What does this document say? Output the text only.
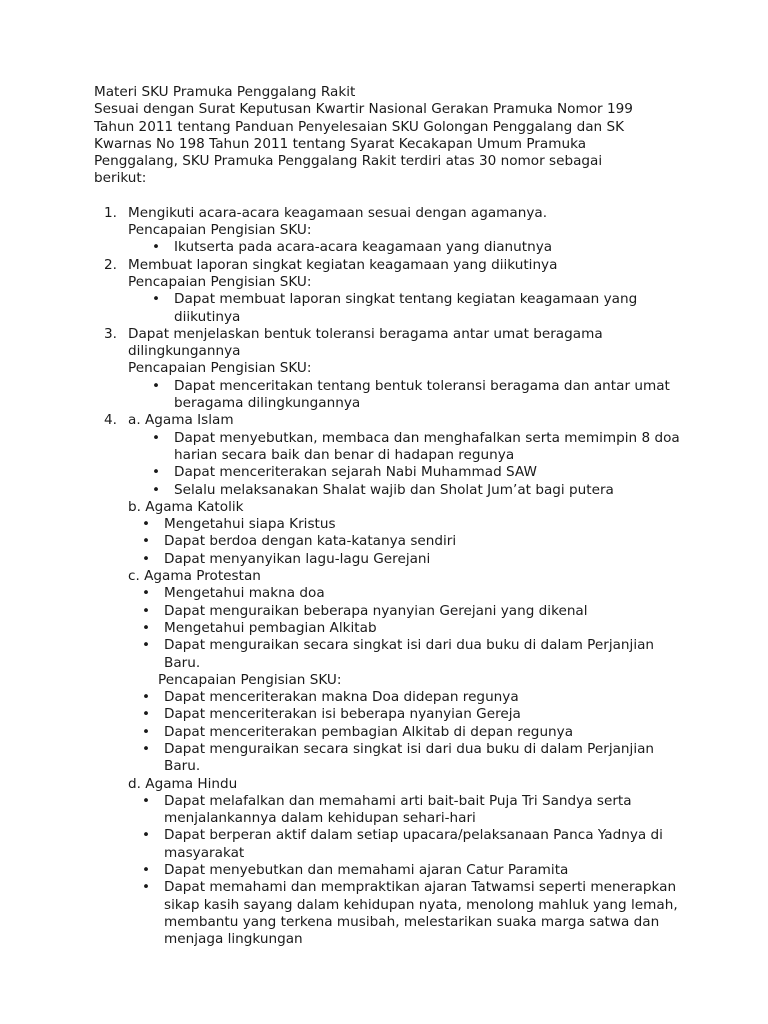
Materi SKU Pramuka Penggalang Rakit

Sesuai dengan Surat Keputusan Kwartir Nasional Gerakan Pramuka Nomor 199
Tahun 2011 tentang Panduan Penyelesaian SKU Golongan Penggalang dan SK
Kwarnas No 198 Tahun 2011 tentang Syarat Kecakapan Umum Pramuka
Penggalang, SKU Pramuka Penggalang Rakit terdiri atas 30 nomor sebagai
berikut:

1. Mengikuti acara-acara keagamaan sesuai dengan agamanya.

Pencapaian Pengisian SKU:

• Ikutserta pada acara-acara keagamaan yang dianutnya
2. Membuat laporan singkat kegiatan keagamaan yang diikutinya

Pencapaian Pengisian SKU:

• Dapat membuat laporan singkat tentang kegiatan keagamaan yang diikutinya
3. Dapat menjelaskan bentuk toleransi beragama antar umat beragama dilingkungannya

Pencapaian Pengisian SKU:

• Dapat menceritakan tentang bentuk toleransi beragama dan antar umat beragama dilingkungannya
4. a. Agama Islam

• Dapat menyebutkan, membaca dan menghafalkan serta memimpin 8 doa harian secara baik dan benar di hadapan regunya
• Dapat menceriterakan sejarah Nabi Muhammad SAW
• Selalu melaksanakan Shalat wajib dan Sholat Jum’at bagi putera

b. Agama Katolik

• Mengetahui siapa Kristus
• Dapat berdoa dengan kata-katanya sendiri
• Dapat menyanyikan lagu-lagu Gerejani

c. Agama Protestan

• Mengetahui makna doa
• Dapat menguraikan beberapa nyanyian Gerejani yang dikenal
• Mengetahui pembagian Alkitab
• Dapat menguraikan secara singkat isi dari dua buku di dalam Perjanjian Baru.

Pencapaian Pengisian SKU:

• Dapat menceriterakan makna Doa didepan regunya
• Dapat menceriterakan isi beberapa nyanyian Gereja
• Dapat menceriterakan pembagian Alkitab di depan regunya
• Dapat menguraikan secara singkat isi dari dua buku di dalam Perjanjian Baru.

d. Agama Hindu

• Dapat melafalkan dan memahami arti bait-bait Puja Tri Sandya serta menjalankannya dalam kehidupan sehari-hari
• Dapat berperan aktif dalam setiap upacara/pelaksanaan Panca Yadnya di masyarakat
• Dapat menyebutkan dan memahami ajaran Catur Paramita
• Dapat memahami dan mempraktikan ajaran Tatwamsi seperti menerapkan sikap kasih sayang dalam kehidupan nyata, menolong mahluk yang lemah, membantu yang terkena musibah, melestarikan suaka marga satwa dan menjaga lingkungan
